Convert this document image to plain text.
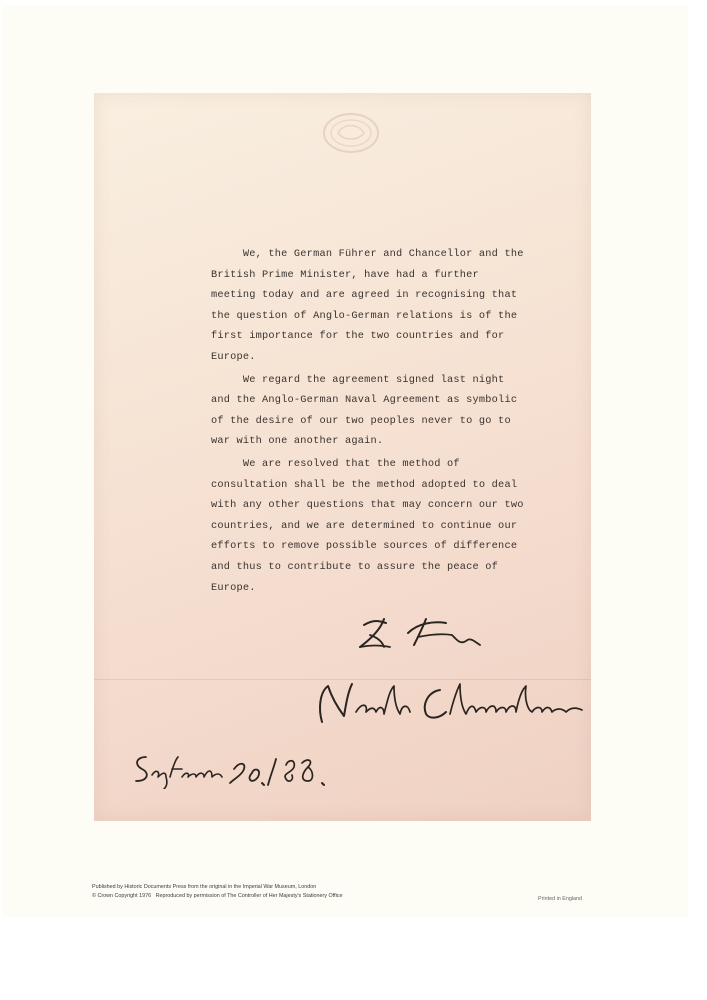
We, the German Führer and Chancellor and the
British Prime Minister, have had a further
meeting today and are agreed in recognising that
the question of Anglo-German relations is of the
first importance for the two countries and for
Europe.
We regard the agreement signed last night
and the Anglo-German Naval Agreement as symbolic
of the desire of our two peoples never to go to
war with one another again.
We are resolved that the method of
consultation shall be the method adopted to deal
with any other questions that may concern our two
countries, and we are determined to continue our
efforts to remove possible sources of difference
and thus to contribute to assure the peace of
Europe.
Published by Historic Documents Press from the original in the Imperial War Museum, London
© Crown Copyright 1976   Reproduced by permission of The Controller of Her Majesty's Stationery Office	Printed in England
